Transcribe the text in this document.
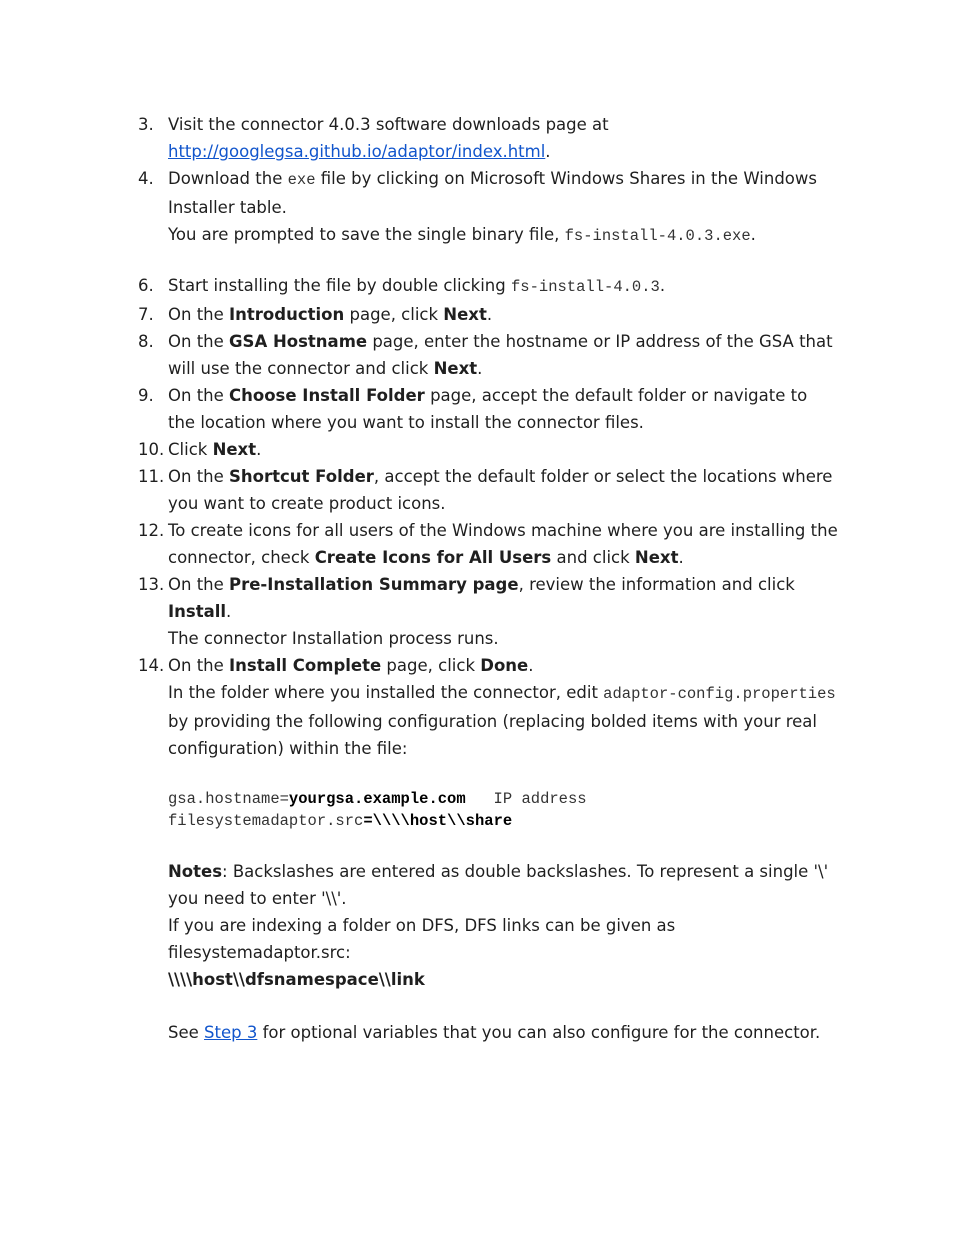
3. Visit the connector 4.0.3 software downloads page at
http://googlegsa.github.io/adaptor/index.html.
4. Download the exe file by clicking on Microsoft Windows Shares in the Windows Installer table.
You are prompted to save the single binary file, fs-install-4.0.3.exe.
6. Start installing the file by double clicking fs-install-4.0.3.
7. On the Introduction page, click Next.
8. On the GSA Hostname page, enter the hostname or IP address of the GSA that will use the connector and click Next.
9. On the Choose Install Folder page, accept the default folder or navigate to the location where you want to install the connector files.
10. Click Next.
11. On the Shortcut Folder, accept the default folder or select the locations where you want to create product icons.
12. To create icons for all users of the Windows machine where you are installing the connector, check Create Icons for All Users and click Next.
13. On the Pre-Installation Summary page, review the information and click Install.
The connector Installation process runs.
14. On the Install Complete page, click Done.
In the folder where you installed the connector, edit adaptor-config.properties by providing the following configuration (replacing bolded items with your real configuration) within the file:
gsa.hostname=yourgsa.example.com   IP address
filesystemadaptor.src=\\\\host\\share
Notes: Backslashes are entered as double backslashes. To represent a single '\' you need to enter '\\'.
If you are indexing a folder on DFS, DFS links can be given as filesystemadaptor.src:
\\\\host\\dfsnamespace\\link
See Step 3 for optional variables that you can also configure for the connector.
